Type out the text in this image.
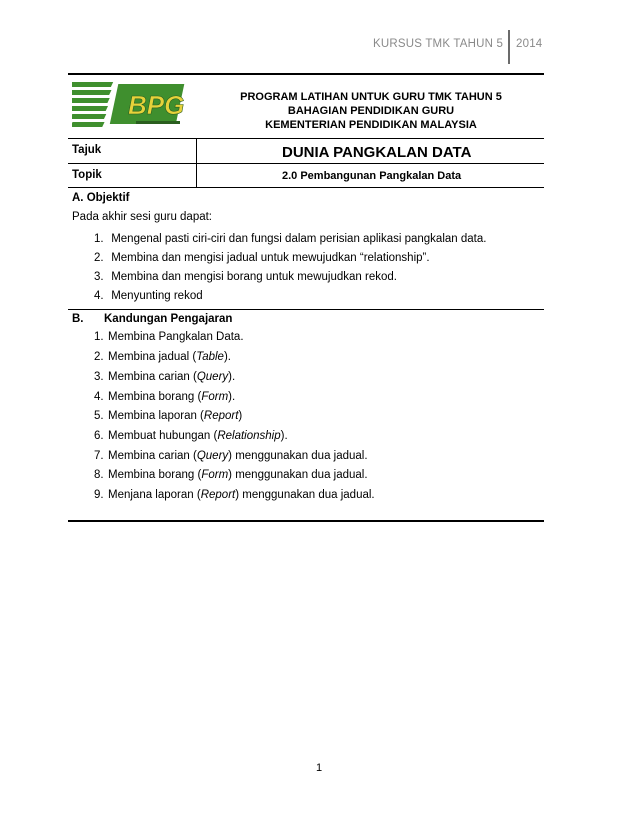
KURSUS TMK TAHUN 5 2014
BPG	PROGRAM LATIHAN UNTUK GURU TMK TAHUN 5
BAHAGIAN PENDIDIKAN GURU
KEMENTERIAN PENDIDIKAN MALAYSIA
Tajuk	DUNIA PANGKALAN DATA
Topik	2.0 Pembangunan Pangkalan Data
A. Objektif
Pada akhir sesi guru dapat:
1. Mengenal pasti ciri-ciri dan fungsi dalam perisian aplikasi pangkalan data.
2. Membina dan mengisi jadual untuk mewujudkan “relationship”.
3. Membina dan mengisi borang untuk mewujudkan rekod.
4. Menyunting rekod
B. Kandungan Pengajaran
1. Membina Pangkalan Data.
2. Membina jadual (Table).
3. Membina carian (Query).
4. Membina borang (Form).
5. Membina laporan (Report)
6. Membuat hubungan (Relationship).
7. Membina carian (Query) menggunakan dua jadual.
8. Membina borang (Form) menggunakan dua jadual.
9. Menjana laporan (Report) menggunakan dua jadual.
1
